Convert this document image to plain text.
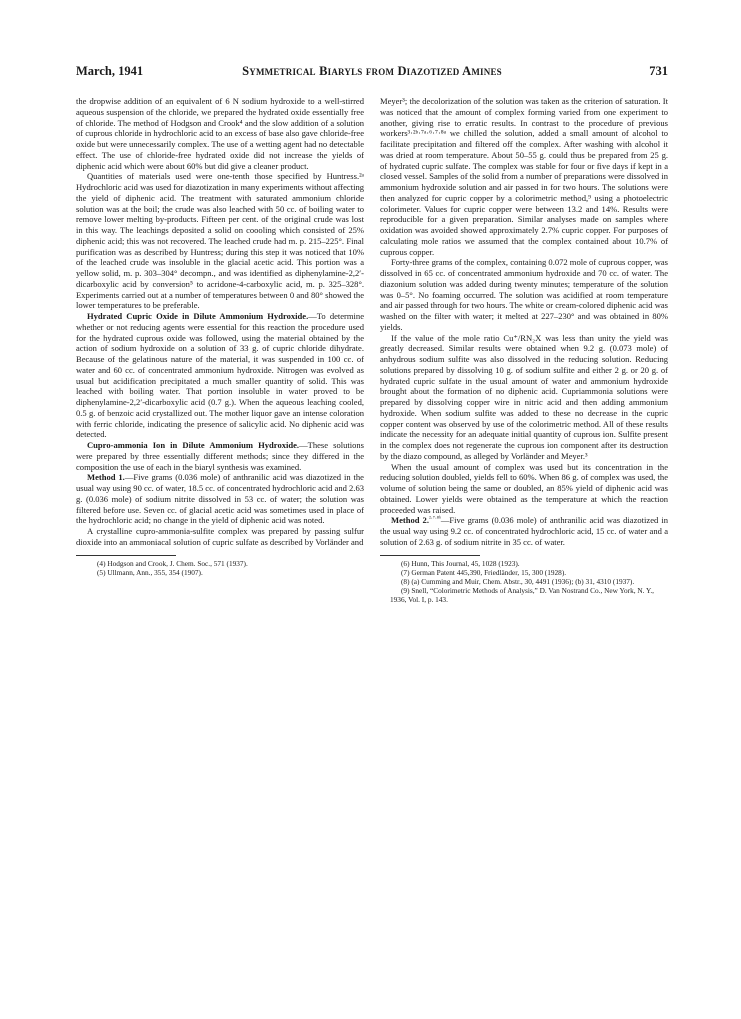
March, 1941	Symmetrical Biaryls from Diazotized Amines	731

the dropwise addition of an equivalent of 6 N sodium hydroxide to a well-stirred aqueous suspension of the chloride, we prepared the hydrated oxide essentially free of chloride. The method of Hodgson and Crook⁴ and the slow addition of a solution of cuprous chloride in hydrochloric acid to an excess of base also gave chloride-free oxide but were unnecessarily complex. The use of a wetting agent had no detectable effect. The use of chloride-free hydrated oxide did not increase the yields of diphenic acid which were about 60% but did give a cleaner product.

Quantities of materials used were one-tenth those specified by Huntress.²ᵃ Hydrochloric acid was used for diazotization in many experiments without affecting the yield of diphenic acid. The treatment with saturated ammonium chloride solution was at the boil; the crude was also leached with 50 cc. of boiling water to remove lower melting by-products. Fifteen per cent. of the original crude was lost in this way. The leachings deposited a solid on coooling which consisted of 25% diphenic acid; this was not recovered. The leached crude had m. p. 215–225°. Final purification was as described by Huntress; during this step it was noticed that 10% of the leached crude was insoluble in the glacial acetic acid. This portion was a yellow solid, m. p. 303–304° decompn., and was identified as diphenylamine-2,2′-dicarboxylic acid by conversion⁵ to acridone-4-carboxylic acid, m. p. 325–328°. Experiments carried out at a number of temperatures between 0 and 80° showed the lower temperatures to be preferable.

Hydrated Cupric Oxide in Dilute Ammonium Hydroxide.—To determine whether or not reducing agents were essential for this reaction the procedure used for the hydrated cuprous oxide was followed, using the material obtained by the action of sodium hydroxide on a solution of 33 g. of cupric chloride dihydrate. Because of the gelatinous nature of the material, it was suspended in 100 cc. of water and 60 cc. of concentrated ammonium hydroxide. Nitrogen was evolved as usual but acidification precipitated a much smaller quantity of solid. This was leached with boiling water. That portion insoluble in water proved to be diphenylamine-2,2′-dicarboxylic acid (0.7 g.). When the aqueous leaching cooled, 0.5 g. of benzoic acid crystallized out. The mother liquor gave an intense coloration with ferric chloride, indicating the presence of salicylic acid. No diphenic acid was detected.

Cupro-ammonia Ion in Dilute Ammonium Hydroxide.—These solutions were prepared by three essentially different methods; since they differed in the composition the use of each in the biaryl synthesis was examined.

Method 1.—Five grams (0.036 mole) of anthranilic acid was diazotized in the usual way using 90 cc. of water, 18.5 cc. of concentrated hydrochloric acid and 2.63 g. (0.036 mole) of sodium nitrite dissolved in 53 cc. of water; the solution was filtered before use. Seven cc. of glacial acetic acid was sometimes used in place of the hydrochloric acid; no change in the yield of diphenic acid was noted.

A crystalline cupro-ammonia-sulfite complex was prepared by passing sulfur dioxide into an ammoniacal solution of cupric sulfate as described by Vorländer and

(4) Hodgson and Crook, J. Chem. Soc., 571 (1937).

(5) Ullmann, Ann., 355, 354 (1907).

Meyer³; the decolorization of the solution was taken as the criterion of saturation. It was noticed that the amount of complex forming varied from one experiment to another, giving rise to erratic results. In contrast to the procedure of previous workers³·²ᵇ·⁷ᵃ·⁶·⁷·⁸ᵃ we chilled the solution, added a small amount of alcohol to facilitate precipitation and filtered off the complex. After washing with alcohol it was dried at room temperature. About 50–55 g. could thus be prepared from 25 g. of hydrated cupric sulfate. The complex was stable for four or five days if kept in a closed vessel. Samples of the solid from a number of preparations were dissolved in ammonium hydroxide solution and air passed in for two hours. The solutions were then analyzed for cupric copper by a colorimetric method,⁹ using a photoelectric colorimeter. Values for cupric copper were between 13.2 and 14%. Results were reproducible for a given preparation. Similar analyses made on samples where oxidation was avoided showed approximately 2.7% cupric copper. For purposes of calculating mole ratios we assumed that the complex contained about 10.7% of cuprous copper.

Forty-three grams of the complex, containing 0.072 mole of cuprous copper, was dissolved in 65 cc. of concentrated ammonium hydroxide and 70 cc. of water. The diazonium solution was added during twenty minutes; temperature of the solution was 0–5°. No foaming occurred. The solution was acidified at room temperature and air passed through for two hours. The white or cream-colored diphenic acid was washed on the filter with water; it melted at 227–230° and was obtained in 80% yields.

If the value of the mole ratio Cu⁺/RN₂X was less than unity the yield was greatly decreased. Similar results were obtained when 9.2 g. (0.073 mole) of anhydrous sodium sulfite was also dissolved in the reducing solution. Reducing solutions prepared by dissolving 10 g. of sodium sulfite and either 2 g. or 20 g. of hydrated cupric sulfate in the usual amount of water and ammonium hydroxide brought about the formation of no diphenic acid. Cupriammonia solutions were prepared by dissolving copper wire in nitric acid and then adding ammonium hydroxide. When sodium sulfite was added to these no decrease in the cupric copper content was observed by use of the colorimetric method. All of these results indicate the necessity for an adequate initial quantity of cuprous ion. Sulfite present in the complex does not regenerate the cuprous ion component after its destruction by the diazo compound, as alleged by Vorländer and Meyer.³

When the usual amount of complex was used but its concentration in the reducing solution doubled, yields fell to 60%. When 86 g. of complex was used, the volume of solution being the same or doubled, an 85% yield of diphenic acid was obtained. Lower yields were obtained as the temperature at which the reaction proceeded was raised.

Method 2.$^{^2\cdot^7\cdot^8ᵇ}$—Five grams (0.036 mole) of anthranilic acid was diazotized in the usual way using 9.2 cc. of concentrated hydrochloric acid, 15 cc. of water and a solution of 2.63 g. of sodium nitrite in 35 cc. of water.

(6) Hunn, This Journal, 45, 1028 (1923).

(7) German Patent 445,390, Friedländer, 15, 300 (1928).

(8) (a) Cumming and Muir, Chem. Abstr., 30, 4491 (1936); (b) 31, 4310 (1937).

(9) Snell, “Colorimetric Methods of Analysis,” D. Van Nostrand Co., New York, N. Y., 1936, Vol. I, p. 143.
